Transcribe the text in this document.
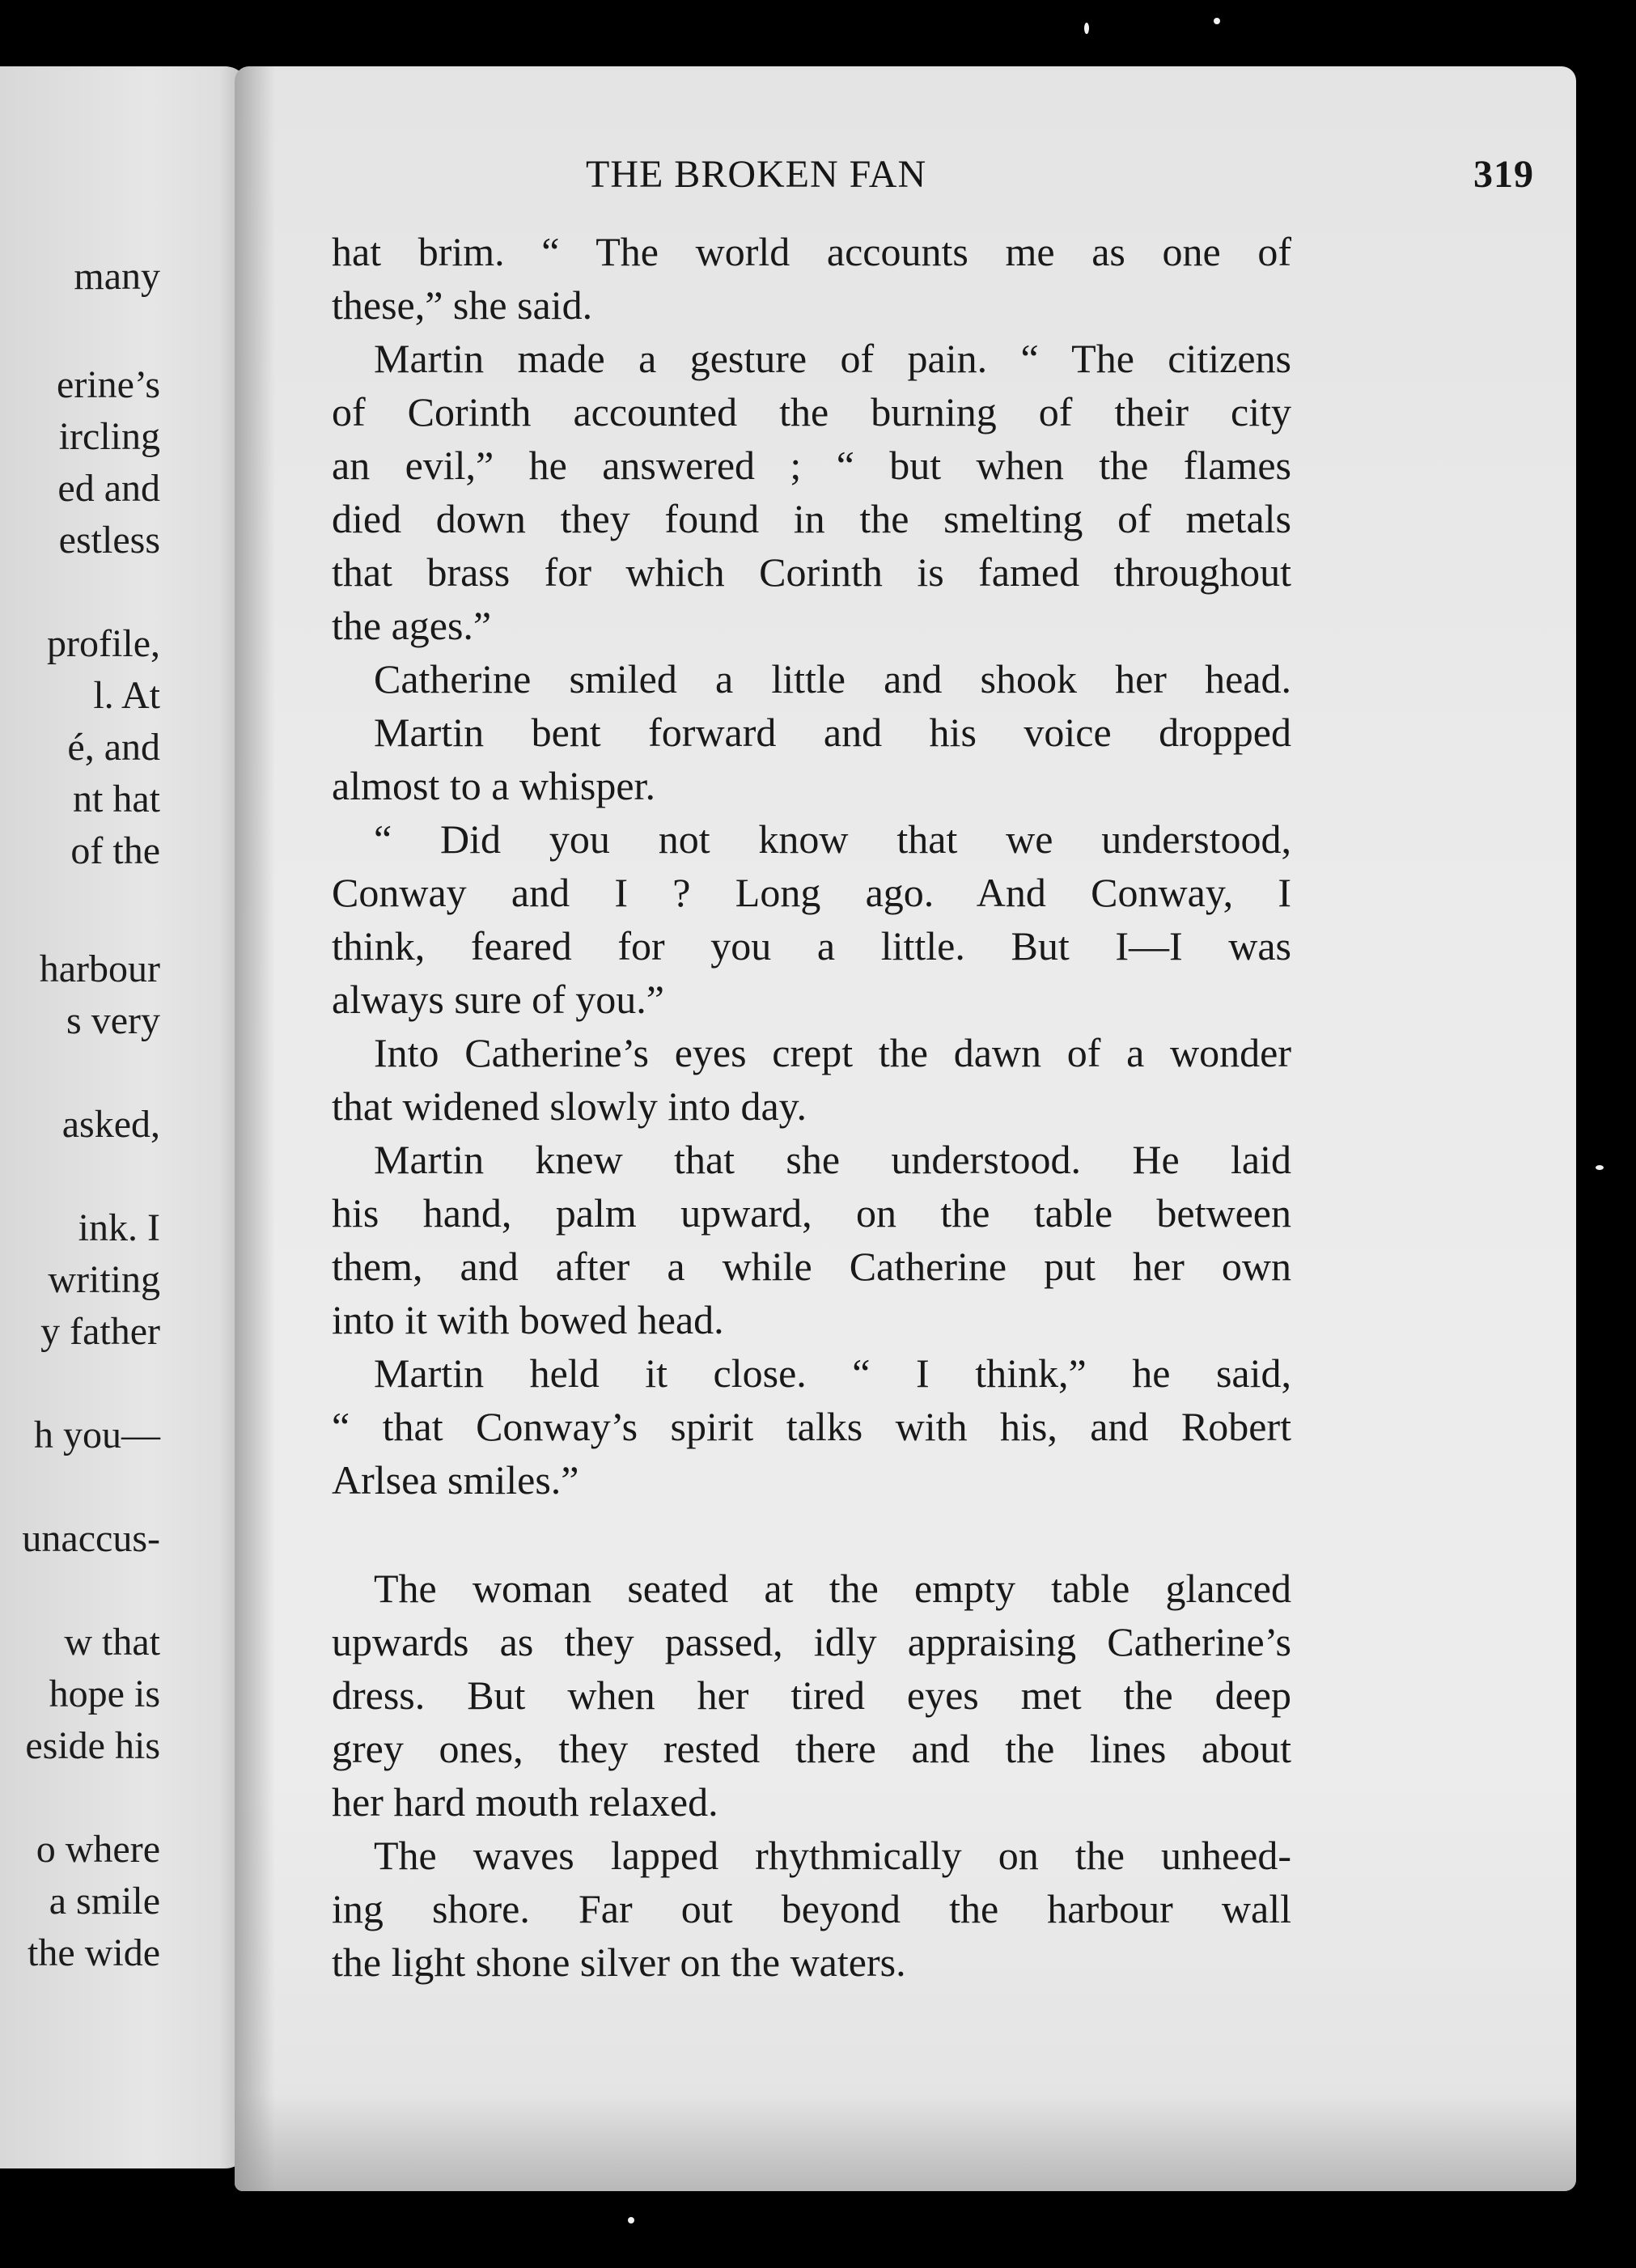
many
erine’s
ircling
ed and
estless
profile,
l. At
é, and
nt hat
of the
harbour
s very
asked,
ink. I
writing
y father
h you—
unaccus-
w that
hope is
eside his
o where
a smile
the wide
THE BROKEN FAN	319
hat brim. “ The world accounts me as one of
these,” she said.
Martin made a gesture of pain. “ The citizens
of Corinth accounted the burning of their city
an evil,” he answered ; “ but when the flames
died down they found in the smelting of metals
that brass for which Corinth is famed throughout
the ages.”
Catherine smiled a little and shook her head.
Martin bent forward and his voice dropped
almost to a whisper.
“ Did you not know that we understood,
Conway and I ? Long ago. And Conway, I
think, feared for you a little. But I—I was
always sure of you.”
Into Catherine’s eyes crept the dawn of a wonder
that widened slowly into day.
Martin knew that she understood. He laid
his hand, palm upward, on the table between
them, and after a while Catherine put her own
into it with bowed head.
Martin held it close. “ I think,” he said,
“ that Conway’s spirit talks with his, and Robert
Arlsea smiles.”
The woman seated at the empty table glanced
upwards as they passed, idly appraising Catherine’s
dress. But when her tired eyes met the deep
grey ones, they rested there and the lines about
her hard mouth relaxed.
The waves lapped rhythmically on the unheed-
ing shore. Far out beyond the harbour wall
the light shone silver on the waters.
